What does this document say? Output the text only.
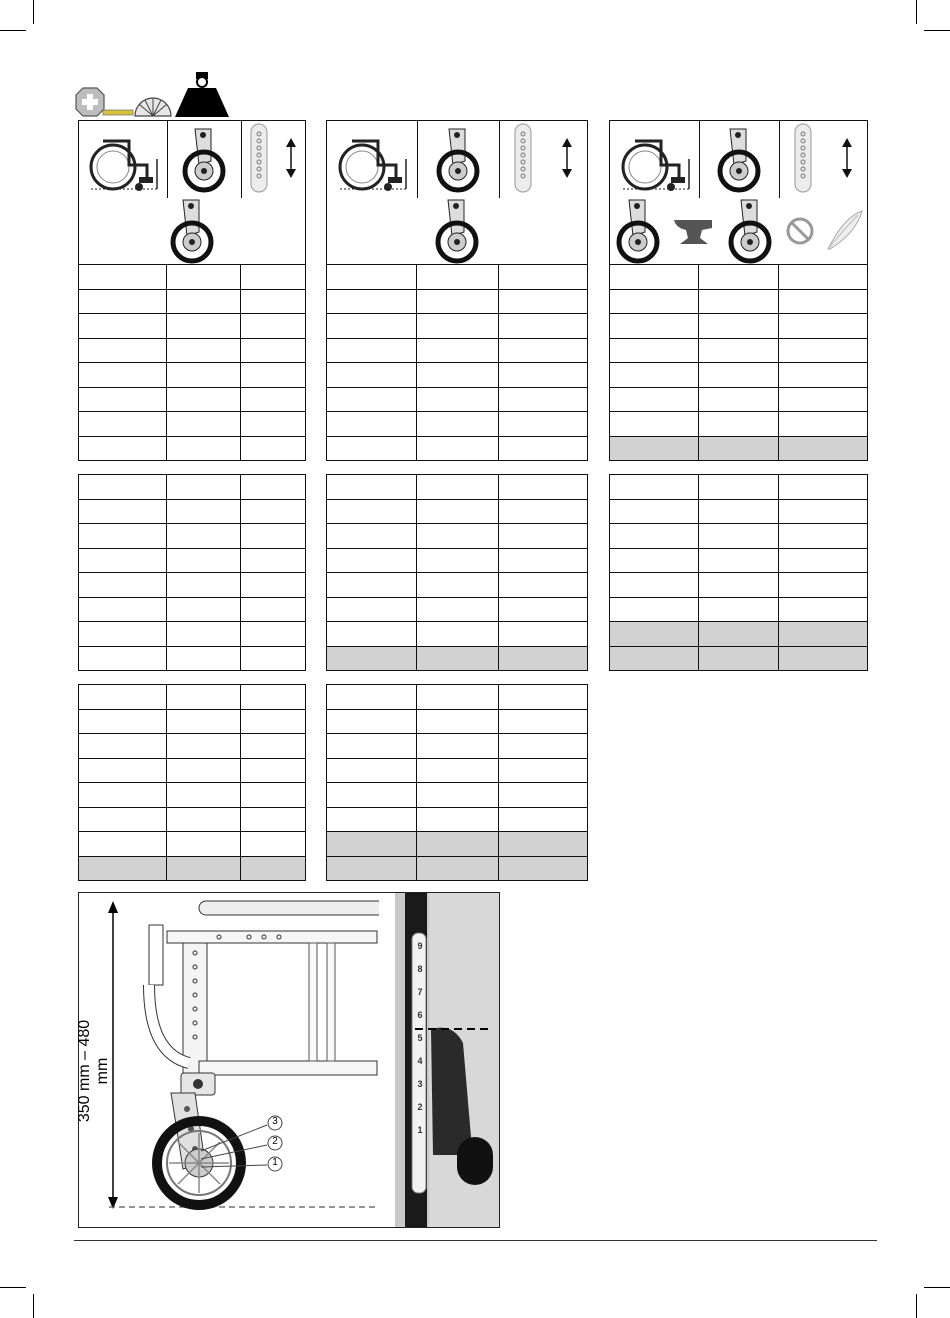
350 mm – 480 mm
3
2
1
9
8
7
6
5
4
3
2
1
